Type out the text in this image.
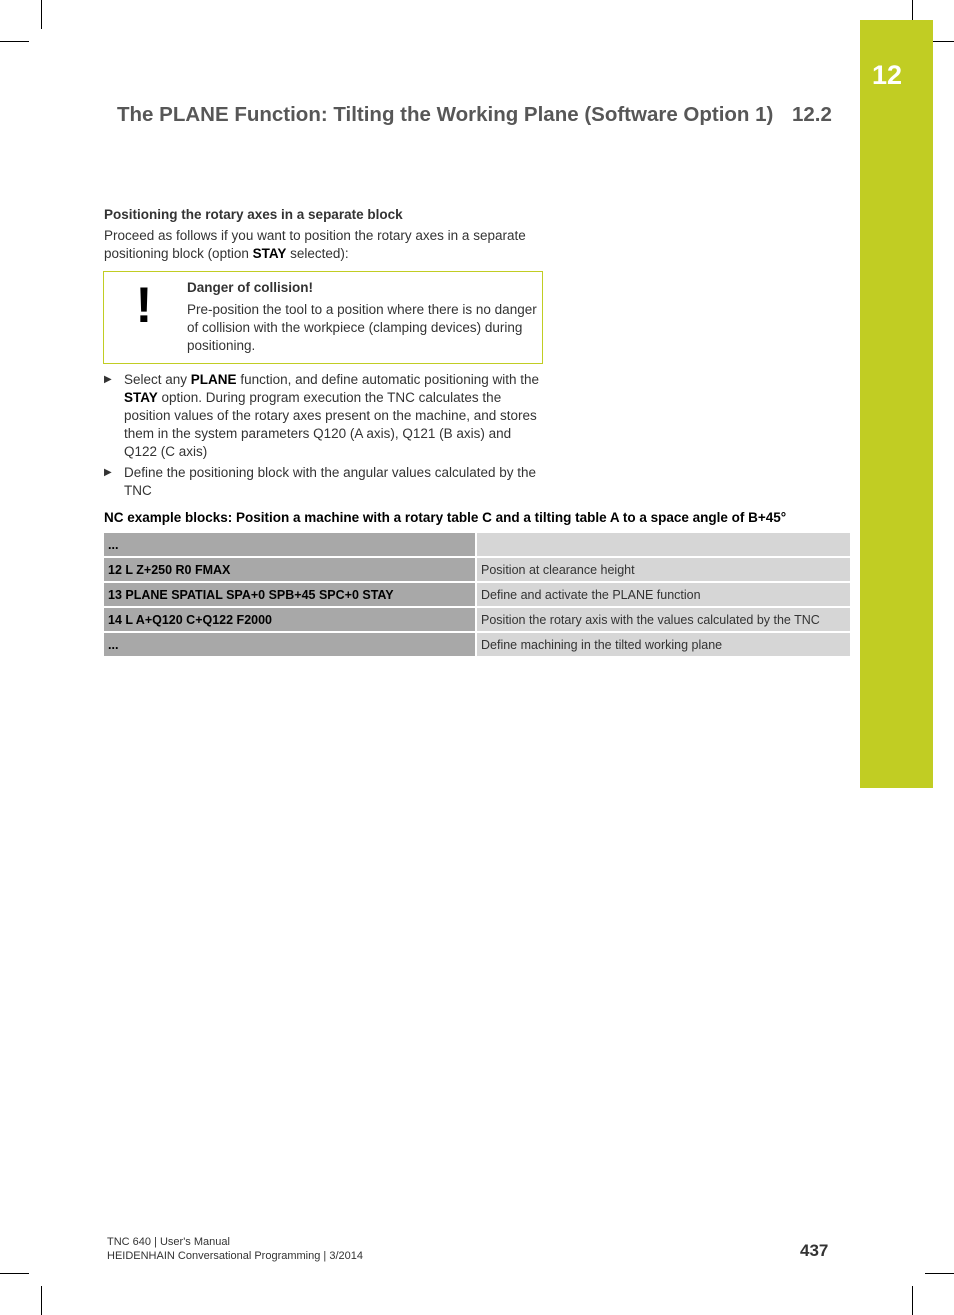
12
The PLANE Function: Tilting the Working Plane (Software Option 1) 12.2
Positioning the rotary axes in a separate block
Proceed as follows if you want to position the rotary axes in a separate positioning block (option STAY selected):
!	Danger of collision!
Pre-position the tool to a position where there is no danger of collision with the workpiece (clamping devices) during positioning.
▶ Select any PLANE function, and define automatic positioning with the STAY option. During program execution the TNC calculates the position values of the rotary axes present on the machine, and stores them in the system parameters Q120 (A axis), Q121 (B axis) and Q122 (C axis)
▶ Define the positioning block with the angular values calculated by the TNC
NC example blocks: Position a machine with a rotary table C and a tilting table A to a space angle of B+45°
...	
12 L Z+250 R0 FMAX	Position at clearance height
13 PLANE SPATIAL SPA+0 SPB+45 SPC+0 STAY	Define and activate the PLANE function
14 L A+Q120 C+Q122 F2000	Position the rotary axis with the values calculated by the TNC
...	Define machining in the tilted working plane
TNC 640 | User's Manual
HEIDENHAIN Conversational Programming | 3/2014	437
